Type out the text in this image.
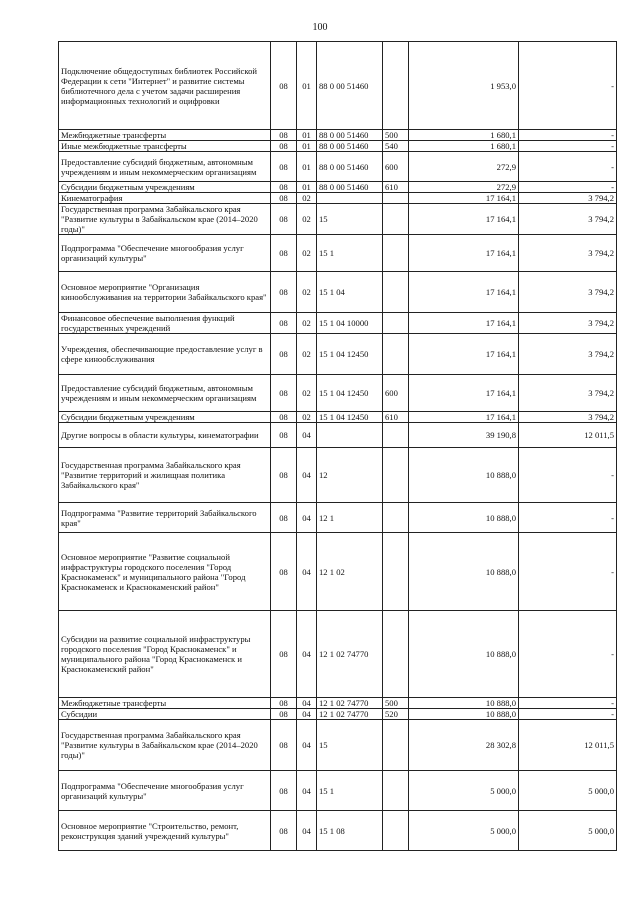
100
Подключение общедоступных библиотек Российской Федерации к сети "Интернет" и развитие системы библиотечного дела с учетом задачи расширения информационных технологий и оцифровки	08	01	88 0 00 51460		1 953,0	-
Межбюджетные трансферты	08	01	88 0 00 51460	500	1 680,1	-
Иные межбюджетные трансферты	08	01	88 0 00 51460	540	1 680,1	-
Предоставление субсидий бюджетным, автономным учреждениям и иным некоммерческим организациям	08	01	88 0 00 51460	600	272,9	-
Субсидии бюджетным учреждениям	08	01	88 0 00 51460	610	272,9	-
Кинематография	08	02			17 164,1	3 794,2
Государственная программа Забайкальского края "Развитие культуры в Забайкальском крае (2014–2020 годы)"	08	02	15		17 164,1	3 794,2
Подпрограмма "Обеспечение многообразия услуг организаций культуры"	08	02	15 1		17 164,1	3 794,2
Основное мероприятие "Организация кинообслуживания на территории Забайкальского края"	08	02	15 1 04		17 164,1	3 794,2
Финансовое обеспечение выполнения функций государственных учреждений	08	02	15 1 04 10000		17 164,1	3 794,2
Учреждения, обеспечивающие предоставление услуг в сфере кинообслуживания	08	02	15 1 04 12450		17 164,1	3 794,2
Предоставление субсидий бюджетным, автономным учреждениям и иным некоммерческим организациям	08	02	15 1 04 12450	600	17 164,1	3 794,2
Субсидии бюджетным учреждениям	08	02	15 1 04 12450	610	17 164,1	3 794,2
Другие вопросы в области культуры, кинематографии	08	04			39 190,8	12 011,5
Государственная программа Забайкальского края "Развитие территорий и жилищная политика Забайкальского края"	08	04	12		10 888,0	-
Подпрограмма "Развитие территорий Забайкальского края"	08	04	12 1		10 888,0	-
Основное мероприятие "Развитие социальной инфраструктуры городского поселения "Город Краснокаменск" и муниципального района "Город Краснокаменск и Краснокаменский район"	08	04	12 1 02		10 888,0	-
Субсидии на развитие социальной инфраструктуры городского поселения "Город Краснокаменск" и муниципального района "Город Краснокаменск и Краснокаменский район"	08	04	12 1 02 74770		10 888,0	-
Межбюджетные трансферты	08	04	12 1 02 74770	500	10 888,0	-
Субсидии	08	04	12 1 02 74770	520	10 888,0	-
Государственная программа Забайкальского края "Развитие культуры в Забайкальском крае (2014–2020 годы)"	08	04	15		28 302,8	12 011,5
Подпрограмма "Обеспечение многообразия услуг организаций культуры"	08	04	15 1		5 000,0	5 000,0
Основное мероприятие "Строительство, ремонт, реконструкция зданий учреждений культуры"	08	04	15 1 08		5 000,0	5 000,0
